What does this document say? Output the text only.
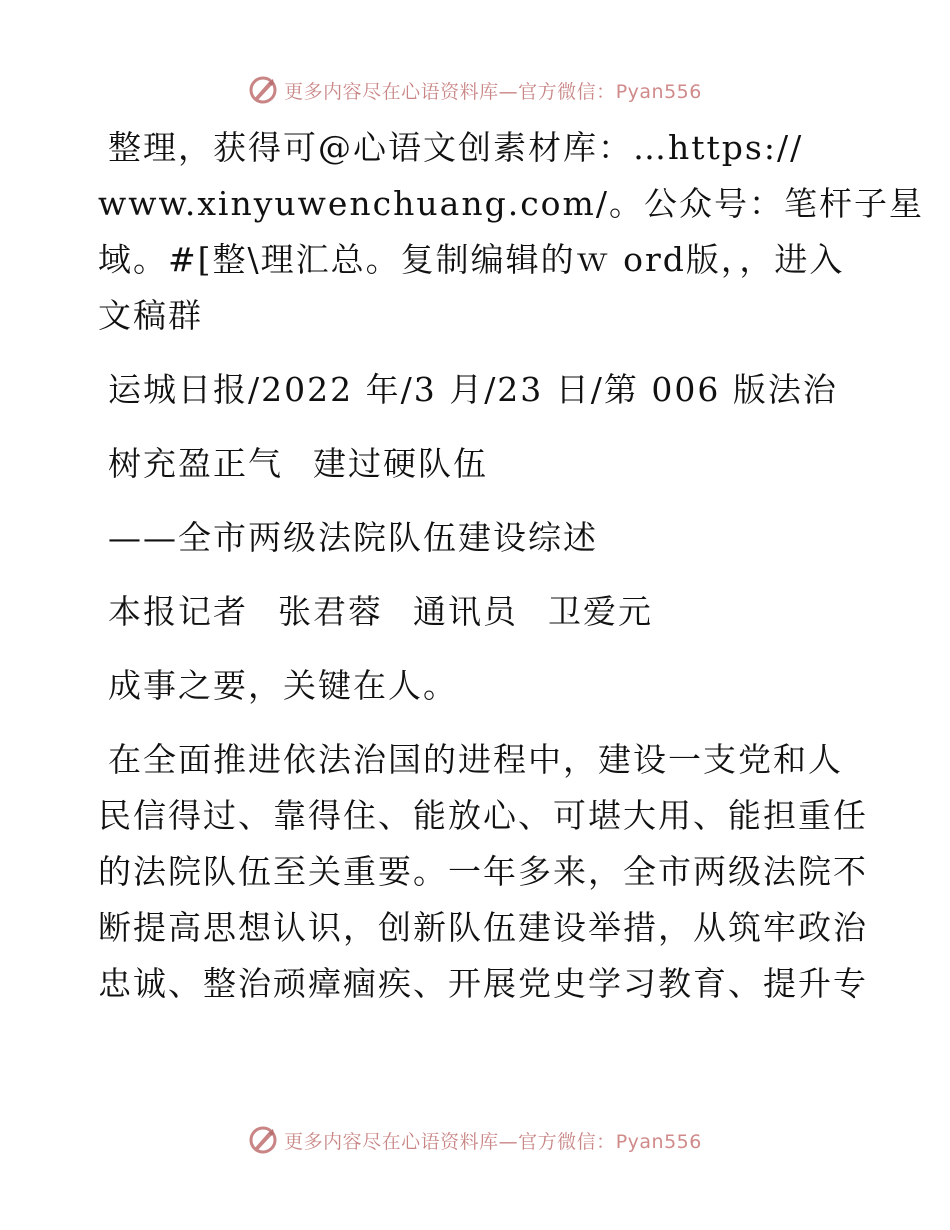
更多内容尽在心语资料库—官方微信：Pyan556
整理，获得可@心语文创素材库：…https://
www.xinyuwenchuang.com/。公众号：笔杆子星
域。#[整\理汇总。复制编辑的ｗ ord版，，进入
文稿群
运城日报/2022 年/3 月/23 日/第 006 版法治
树充盈正气 建过硬队伍
——全市两级法院队伍建设综述
本报记者 张君蓉 通讯员 卫爱元
成事之要，关键在人。
在全面推进依法治国的进程中，建设一支党和人
民信得过、靠得住、能放心、可堪大用、能担重任
的法院队伍至关重要。一年多来，全市两级法院不
断提高思想认识，创新队伍建设举措，从筑牢政治
忠诚、整治顽瘴痼疾、开展党史学习教育、提升专
更多内容尽在心语资料库—官方微信：Pyan556
